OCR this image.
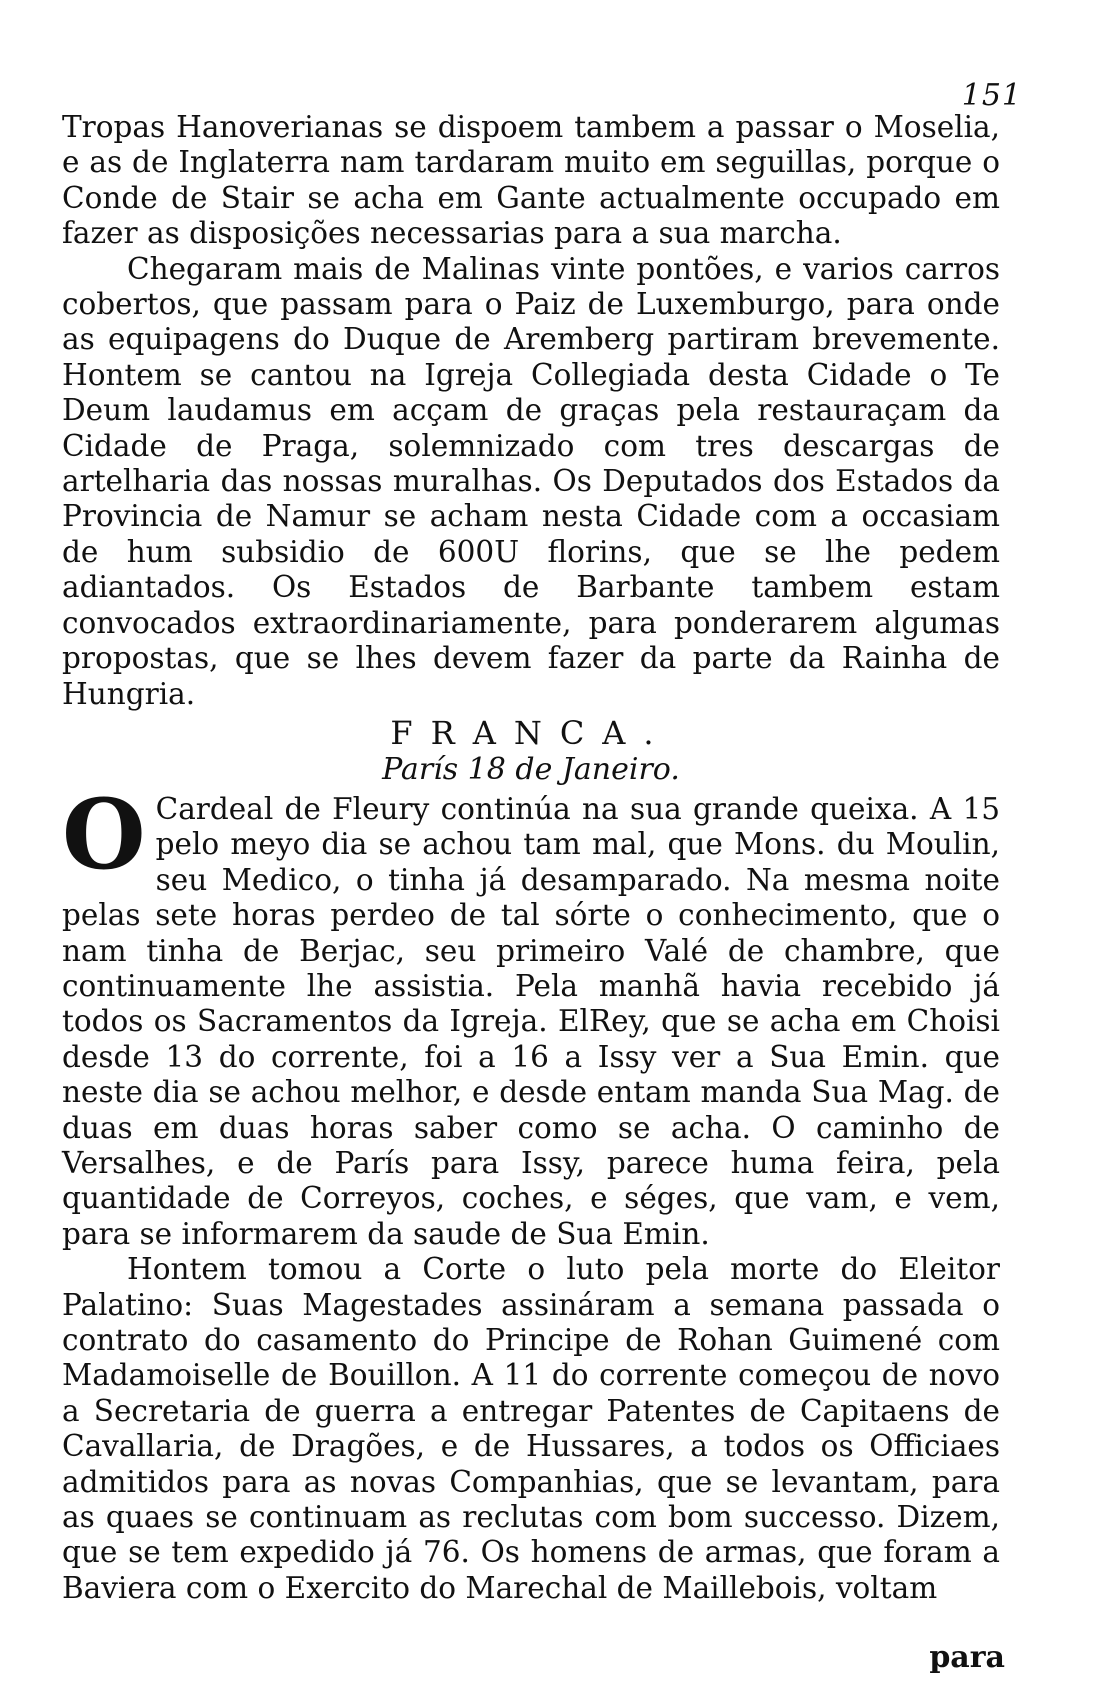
151

Tropas Hanoverianas se dispoem tambem a passar o Moselia, e as de Inglaterra nam tardaram muito em seguillas, porque o Conde de Stair se acha em Gante actualmente occupado em fazer as disposições necessarias para a sua marcha.

Chegaram mais de Malinas vinte pontões, e varios carros cobertos, que passam para o Paiz de Luxemburgo, para onde as equipagens do Duque de Aremberg partiram brevemente. Hontem se cantou na Igreja Collegiada desta Cidade o Te Deum laudamus em acçam de graças pela restauraçam da Cidade de Praga, solemnizado com tres descargas de artelharia das nossas muralhas. Os Deputados dos Estados da Provincia de Namur se acham nesta Cidade com a occasiam de hum subsidio de 600U florins, que se lhe pedem adiantados. Os Estados de Barbante tambem estam convocados extraordinariamente, para ponderarem algumas propostas, que se lhes devem fazer da parte da Rainha de Hungria.

FRANCA.
París 18 de Janeiro.

O Cardeal de Fleury continúa na sua grande queixa. A 15 pelo meyo dia se achou tam mal, que Mons. du Moulin, seu Medico, o tinha já desamparado. Na mesma noite pelas sete horas perdeo de tal sórte o conhecimento, que o nam tinha de Berjac, seu primeiro Valé de chambre, que continuamente lhe assistia. Pela manhã havia recebido já todos os Sacramentos da Igreja. ElRey, que se acha em Choisi desde 13 do corrente, foi a 16 a Issy ver a Sua Emin. que neste dia se achou melhor, e desde entam manda Sua Mag. de duas em duas horas saber como se acha. O caminho de Versalhes, e de París para Issy, parece huma feira, pela quantidade de Correyos, coches, e séges, que vam, e vem, para se informarem da saude de Sua Emin.

Hontem tomou a Corte o luto pela morte do Eleitor Palatino: Suas Magestades assináram a semana passada o contrato do casamento do Principe de Rohan Guimené com Madamoiselle de Bouillon. A 11 do corrente começou de novo a Secretaria de guerra a entregar Patentes de Capitaens de Cavallaria, de Dragões, e de Hussares, a todos os Officiaes admitidos para as novas Companhias, que se levantam, para as quaes se continuam as reclutas com bom successo. Dizem, que se tem expedido já 76. Os homens de armas, que foram a Baviera com o Exercito do Marechal de Maillebois, voltam

para
